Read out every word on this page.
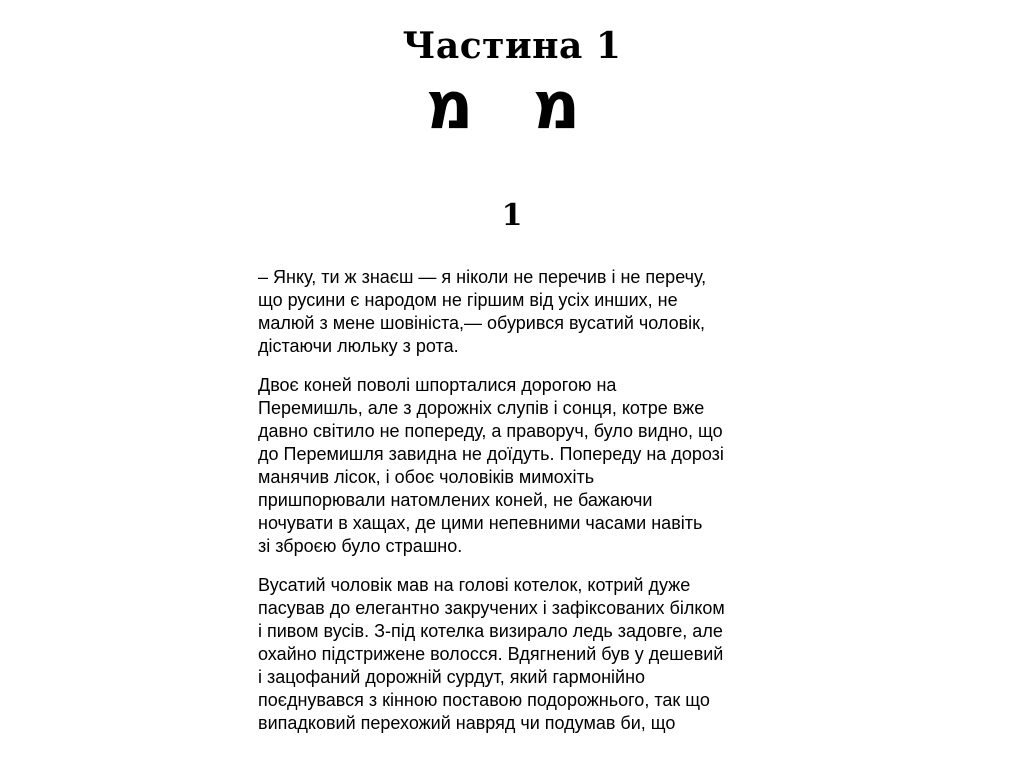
Частина 1
מ מ
1

– Янку, ти ж знаєш — я ніколи не перечив і не перечу,
що русини є народом не гіршим від усіх инших, не
малюй з мене шовініста,— обурився вусатий чоловік,
дістаючи люльку з рота.

Двоє коней поволі шпорталися дорогою на
Перемишль, але з дорожніх слупів і сонця, котре вже
давно світило не попереду, а праворуч, було видно, що
до Перемишля завидна не доїдуть. Попереду на дорозі
манячив лісок, і обоє чоловіків мимохіть
пришпорювали натомлених коней, не бажаючи
ночувати в хащах, де цими непевними часами навіть
зі зброєю було страшно.

Вусатий чоловік мав на голові котелок, котрий дуже
пасував до елегантно закручених і зафіксованих білком
і пивом вусів. З-під котелка визирало ледь задовге, але
охайно підстрижене волосся. Вдягнений був у дешевий
і зацофаний дорожній сурдут, який гармонійно
поєднувався з кінною поставою подорожнього, так що
випадковий перехожий навряд чи подумав би, що
